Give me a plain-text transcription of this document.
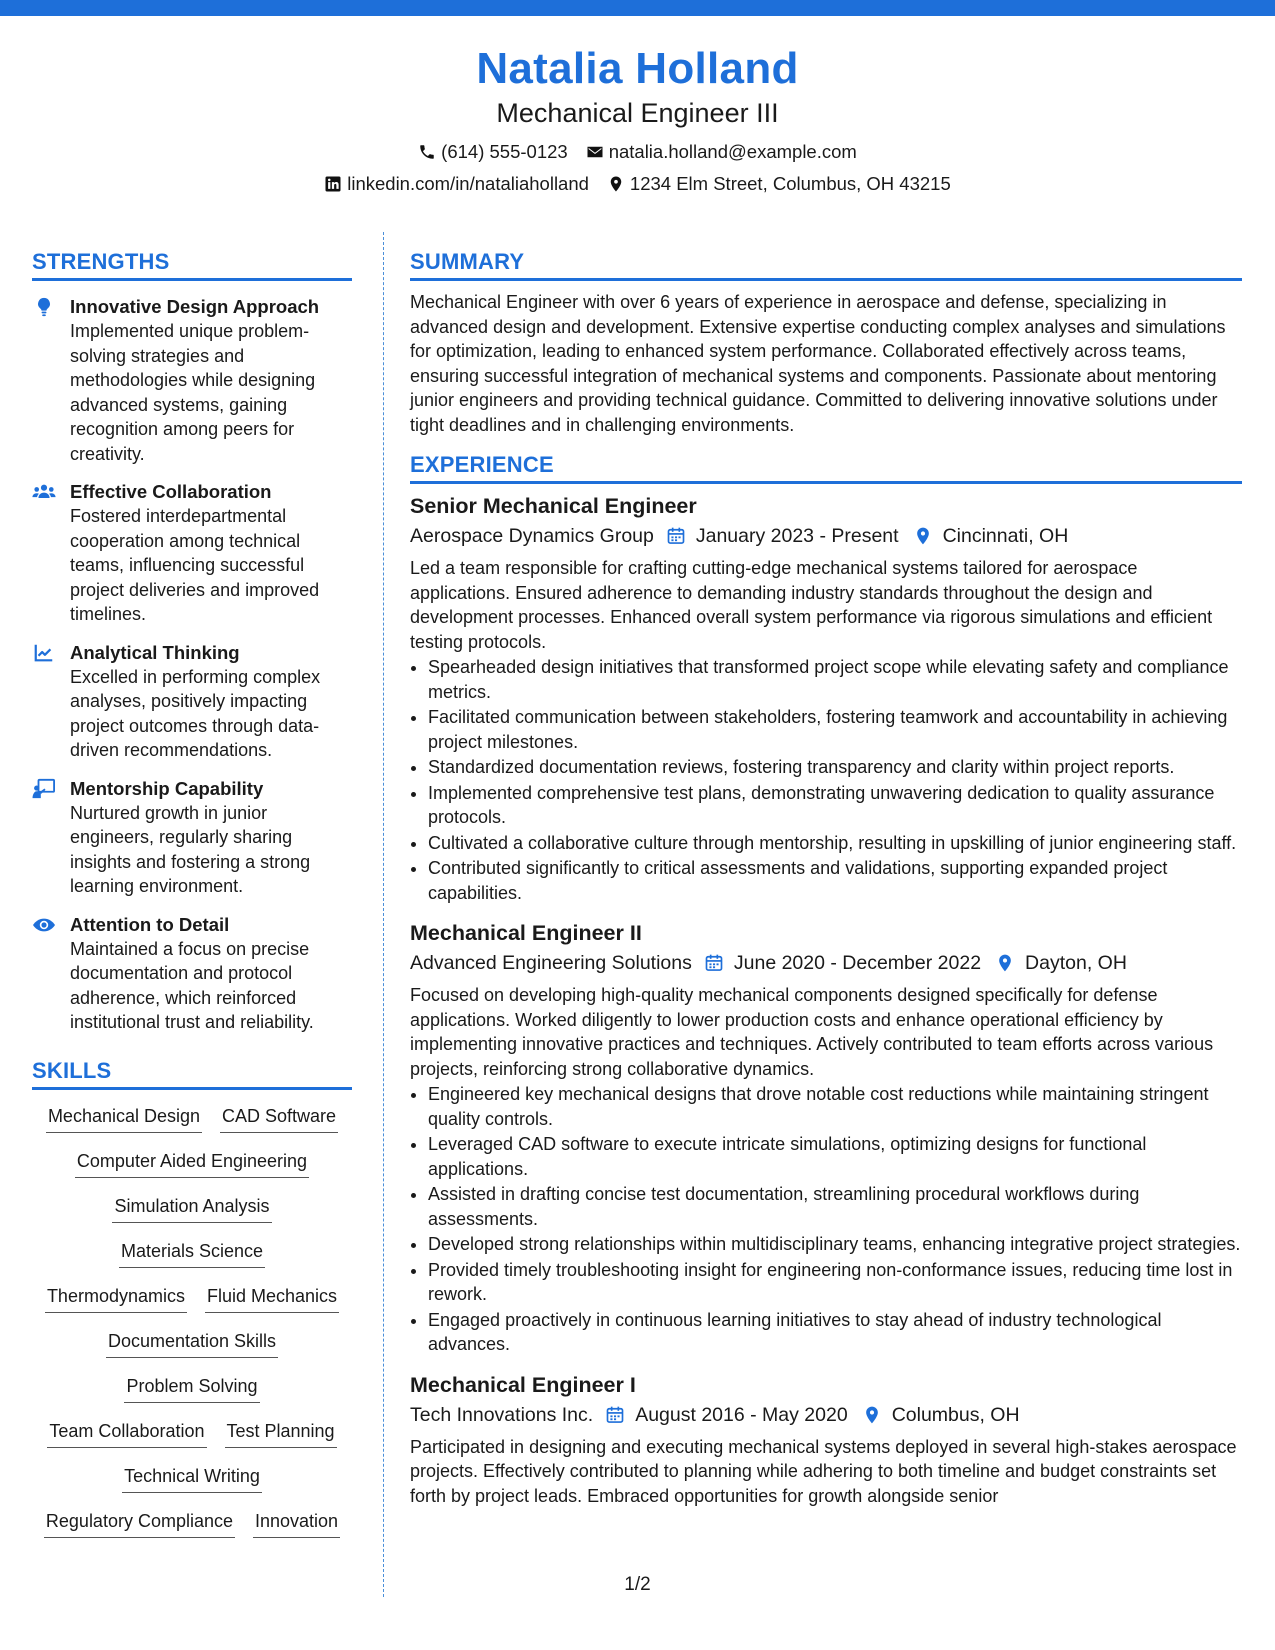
Natalia Holland
Mechanical Engineer III
(614) 555-0123 natalia.holland@example.com
linkedin.com/in/nataliaholland 1234 Elm Street, Columbus, OH 43215
STRENGTHS
Innovative Design Approach
Implemented unique problem-solving strategies and methodologies while designing advanced systems, gaining recognition among peers for creativity.
Effective Collaboration
Fostered interdepartmental cooperation among technical teams, influencing successful project deliveries and improved timelines.
Analytical Thinking
Excelled in performing complex analyses, positively impacting project outcomes through data-driven recommendations.
Mentorship Capability
Nurtured growth in junior engineers, regularly sharing insights and fostering a strong learning environment.
Attention to Detail
Maintained a focus on precise documentation and protocol adherence, which reinforced institutional trust and reliability.
SKILLS
Mechanical Design CAD Software
Computer Aided Engineering
Simulation Analysis
Materials Science
Thermodynamics Fluid Mechanics
Documentation Skills
Problem Solving
Team Collaboration Test Planning
Technical Writing
Regulatory Compliance Innovation
SUMMARY
Mechanical Engineer with over 6 years of experience in aerospace and defense, specializing in advanced design and development. Extensive expertise conducting complex analyses and simulations for optimization, leading to enhanced system performance. Collaborated effectively across teams, ensuring successful integration of mechanical systems and components. Passionate about mentoring junior engineers and providing technical guidance. Committed to delivering innovative solutions under tight deadlines and in challenging environments.
EXPERIENCE
Senior Mechanical Engineer
Aerospace Dynamics Group January 2023 - Present Cincinnati, OH
Led a team responsible for crafting cutting-edge mechanical systems tailored for aerospace applications. Ensured adherence to demanding industry standards throughout the design and development processes. Enhanced overall system performance via rigorous simulations and efficient testing protocols.
• Spearheaded design initiatives that transformed project scope while elevating safety and compliance metrics.
• Facilitated communication between stakeholders, fostering teamwork and accountability in achieving project milestones.
• Standardized documentation reviews, fostering transparency and clarity within project reports.
• Implemented comprehensive test plans, demonstrating unwavering dedication to quality assurance protocols.
• Cultivated a collaborative culture through mentorship, resulting in upskilling of junior engineering staff.
• Contributed significantly to critical assessments and validations, supporting expanded project capabilities.
Mechanical Engineer II
Advanced Engineering Solutions June 2020 - December 2022 Dayton, OH
Focused on developing high-quality mechanical components designed specifically for defense applications. Worked diligently to lower production costs and enhance operational efficiency by implementing innovative practices and techniques. Actively contributed to team efforts across various projects, reinforcing strong collaborative dynamics.
• Engineered key mechanical designs that drove notable cost reductions while maintaining stringent quality controls.
• Leveraged CAD software to execute intricate simulations, optimizing designs for functional applications.
• Assisted in drafting concise test documentation, streamlining procedural workflows during assessments.
• Developed strong relationships within multidisciplinary teams, enhancing integrative project strategies.
• Provided timely troubleshooting insight for engineering non-conformance issues, reducing time lost in rework.
• Engaged proactively in continuous learning initiatives to stay ahead of industry technological advances.
Mechanical Engineer I
Tech Innovations Inc. August 2016 - May 2020 Columbus, OH
Participated in designing and executing mechanical systems deployed in several high-stakes aerospace projects. Effectively contributed to planning while adhering to both timeline and budget constraints set forth by project leads. Embraced opportunities for growth alongside senior
1/2
